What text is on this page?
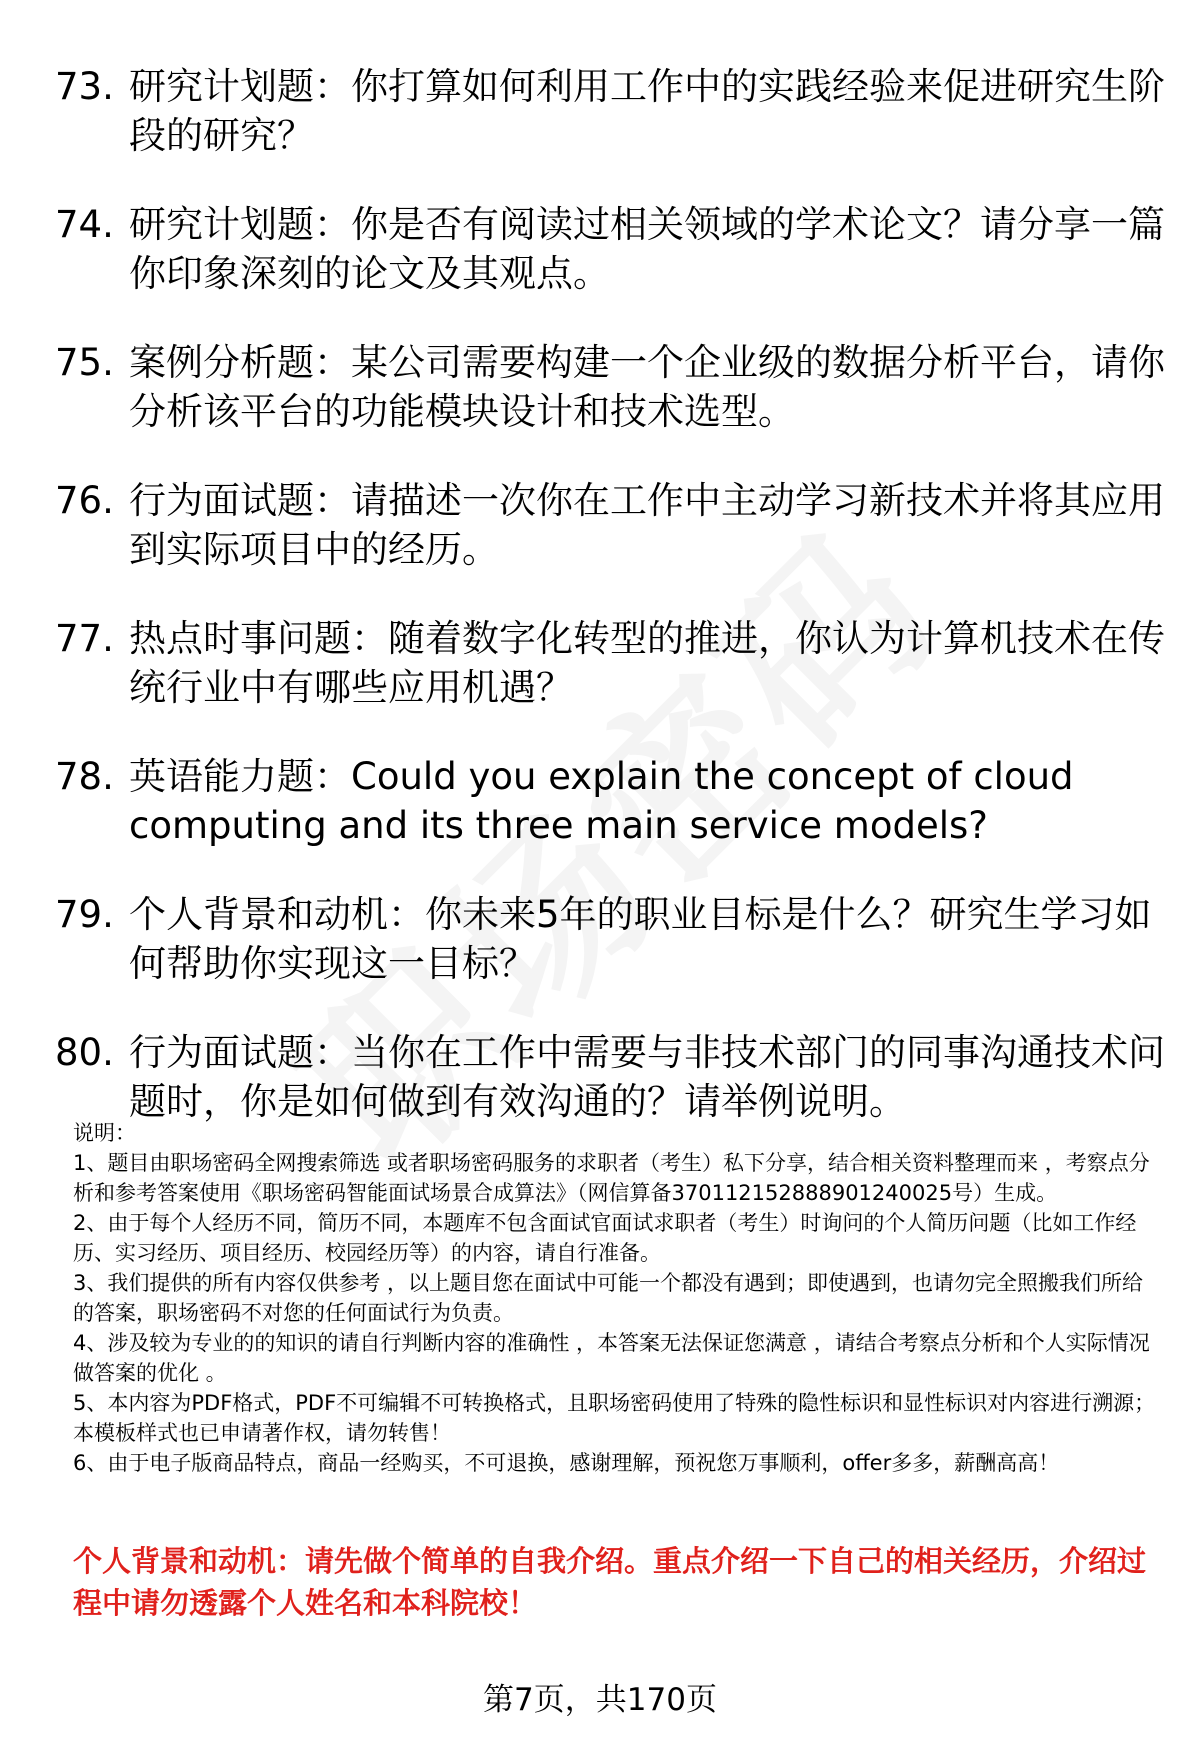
73. 研究计划题：你打算如何利用工作中的实践经验来促进研究生阶段的研究？
74. 研究计划题：你是否有阅读过相关领域的学术论文？请分享一篇你印象深刻的论文及其观点。
75. 案例分析题：某公司需要构建一个企业级的数据分析平台，请你分析该平台的功能模块设计和技术选型。
76. 行为面试题：请描述一次你在工作中主动学习新技术并将其应用到实际项目中的经历。
77. 热点时事问题：随着数字化转型的推进，你认为计算机技术在传统行业中有哪些应用机遇？
78. 英语能力题：Could you explain the concept of cloud computing and its three main service models?
79. 个人背景和动机：你未来5年的职业目标是什么？研究生学习如何帮助你实现这一目标？
80. 行为面试题：当你在工作中需要与非技术部门的同事沟通技术问题时，你是如何做到有效沟通的？请举例说明。
说明：
1、题目由职场密码全网搜索筛选 或者职场密码服务的求职者（考生）私下分享，结合相关资料整理而来 ，考察点分析和参考答案使用《职场密码智能面试场景合成算法》（网信算备370112152888901240025号）生成。
2、由于每个人经历不同，简历不同，本题库不包含面试官面试求职者（考生）时询问的个人简历问题（比如工作经历、实习经历、项目经历、校园经历等）的内容，请自行准备。
3、我们提供的所有内容仅供参考 ，以上题目您在面试中可能一个都没有遇到；即使遇到，也请勿完全照搬我们所给的答案，职场密码不对您的任何面试行为负责。
4、涉及较为专业的的知识的请自行判断内容的准确性 ，本答案无法保证您满意 ，请结合考察点分析和个人实际情况做答案的优化 。
5、本内容为PDF格式，PDF不可编辑不可转换格式，且职场密码使用了特殊的隐性标识和显性标识对内容进行溯源；本模板样式也已申请著作权，请勿转售！
6、由于电子版商品特点，商品一经购买，不可退换，感谢理解，预祝您万事顺利，offer多多，薪酬高高！
个人背景和动机：请先做个简单的自我介绍。重点介绍一下自己的相关经历，介绍过程中请勿透露个人姓名和本科院校！
第7页，共170页
